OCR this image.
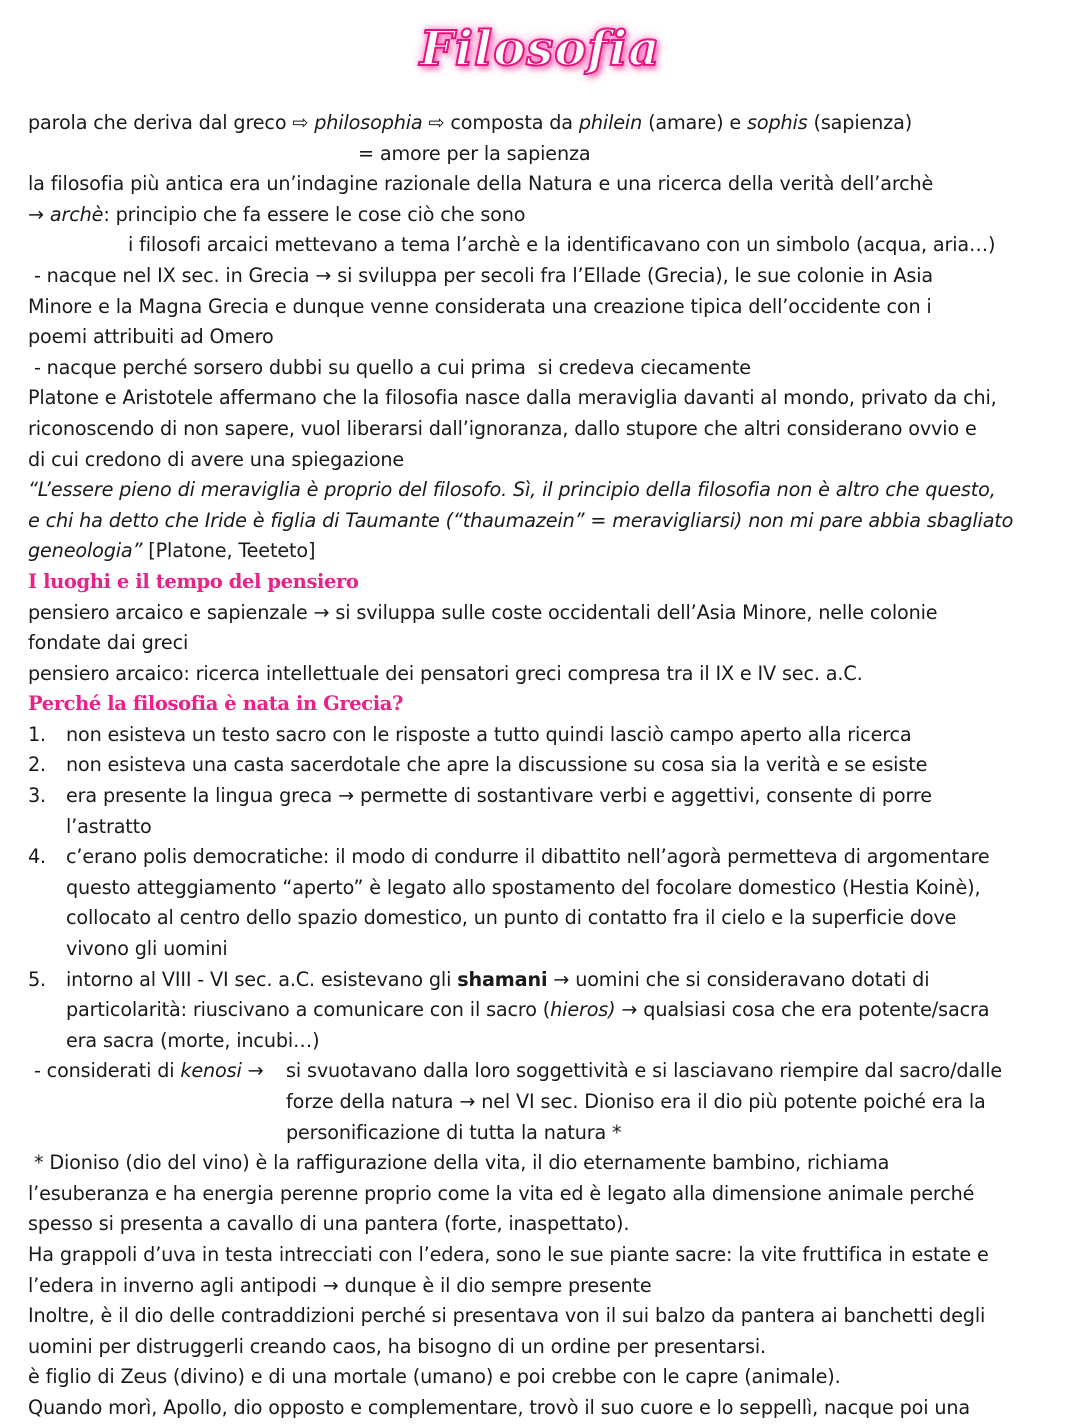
Filosofia
parola che deriva dal greco ⇨ philosophia ⇨ composta da philein (amare) e sophis (sapienza)
= amore per la sapienza
la filosofia più antica era un’indagine razionale della Natura e una ricerca della verità dell’archè
→ archè: principio che fa essere le cose ciò che sono
i filosofi arcaici mettevano a tema l’archè e la identificavano con un simbolo (acqua, aria…)
- nacque nel IX sec. in Grecia → si sviluppa per secoli fra l’Ellade (Grecia), le sue colonie in Asia
Minore e la Magna Grecia e dunque venne considerata una creazione tipica dell’occidente con i
poemi attribuiti ad Omero
- nacque perché sorsero dubbi su quello a cui prima  si credeva ciecamente
Platone e Aristotele affermano che la filosofia nasce dalla meraviglia davanti al mondo, privato da chi,
riconoscendo di non sapere, vuol liberarsi dall’ignoranza, dallo stupore che altri considerano ovvio e
di cui credono di avere una spiegazione
“L’essere pieno di meraviglia è proprio del filosofo. Sì, il principio della filosofia non è altro che questo,
e chi ha detto che Iride è figlia di Taumante (“thaumazein” = meravigliarsi) non mi pare abbia sbagliato
geneologia” [Platone, Teeteto]
I luoghi e il tempo del pensiero
pensiero arcaico e sapienzale → si sviluppa sulle coste occidentali dell’Asia Minore, nelle colonie
fondate dai greci
pensiero arcaico: ricerca intellettuale dei pensatori greci compresa tra il IX e IV sec. a.C.
Perché la filosofia è nata in Grecia?
1.	non esisteva un testo sacro con le risposte a tutto quindi lasciò campo aperto alla ricerca
2.	non esisteva una casta sacerdotale che apre la discussione su cosa sia la verità e se esiste
3.	era presente la lingua greca → permette di sostantivare verbi e aggettivi, consente di porre
l’astratto
4.	c’erano polis democratiche: il modo di condurre il dibattito nell’agorà permetteva di argomentare
questo atteggiamento “aperto” è legato allo spostamento del focolare domestico (Hestia Koinè),
collocato al centro dello spazio domestico, un punto di contatto fra il cielo e la superficie dove
vivono gli uomini
5.	intorno al VIII - VI sec. a.C. esistevano gli shamani → uomini che si consideravano dotati di
particolarità: riuscivano a comunicare con il sacro (hieros) → qualsiasi cosa che era potente/sacra
era sacra (morte, incubi…)
- considerati di kenosi →	si svuotavano dalla loro soggettività e si lasciavano riempire dal sacro/dalle
forze della natura → nel VI sec. Dioniso era il dio più potente poiché era la
personificazione di tutta la natura *
* Dioniso (dio del vino) è la raffigurazione della vita, il dio eternamente bambino, richiama
l’esuberanza e ha energia perenne proprio come la vita ed è legato alla dimensione animale perché
spesso si presenta a cavallo di una pantera (forte, inaspettato).
Ha grappoli d’uva in testa intrecciati con l’edera, sono le sue piante sacre: la vite fruttifica in estate e
l’edera in inverno agli antipodi → dunque è il dio sempre presente
Inoltre, è il dio delle contraddizioni perché si presentava von il sui balzo da pantera ai banchetti degli
uomini per distruggerli creando caos, ha bisogno di un ordine per presentarsi.
è figlio di Zeus (divino) e di una mortale (umano) e poi crebbe con le capre (animale).
Quando morì, Apollo, dio opposto e complementare, trovò il suo cuore e lo seppellì, nacque poi una
